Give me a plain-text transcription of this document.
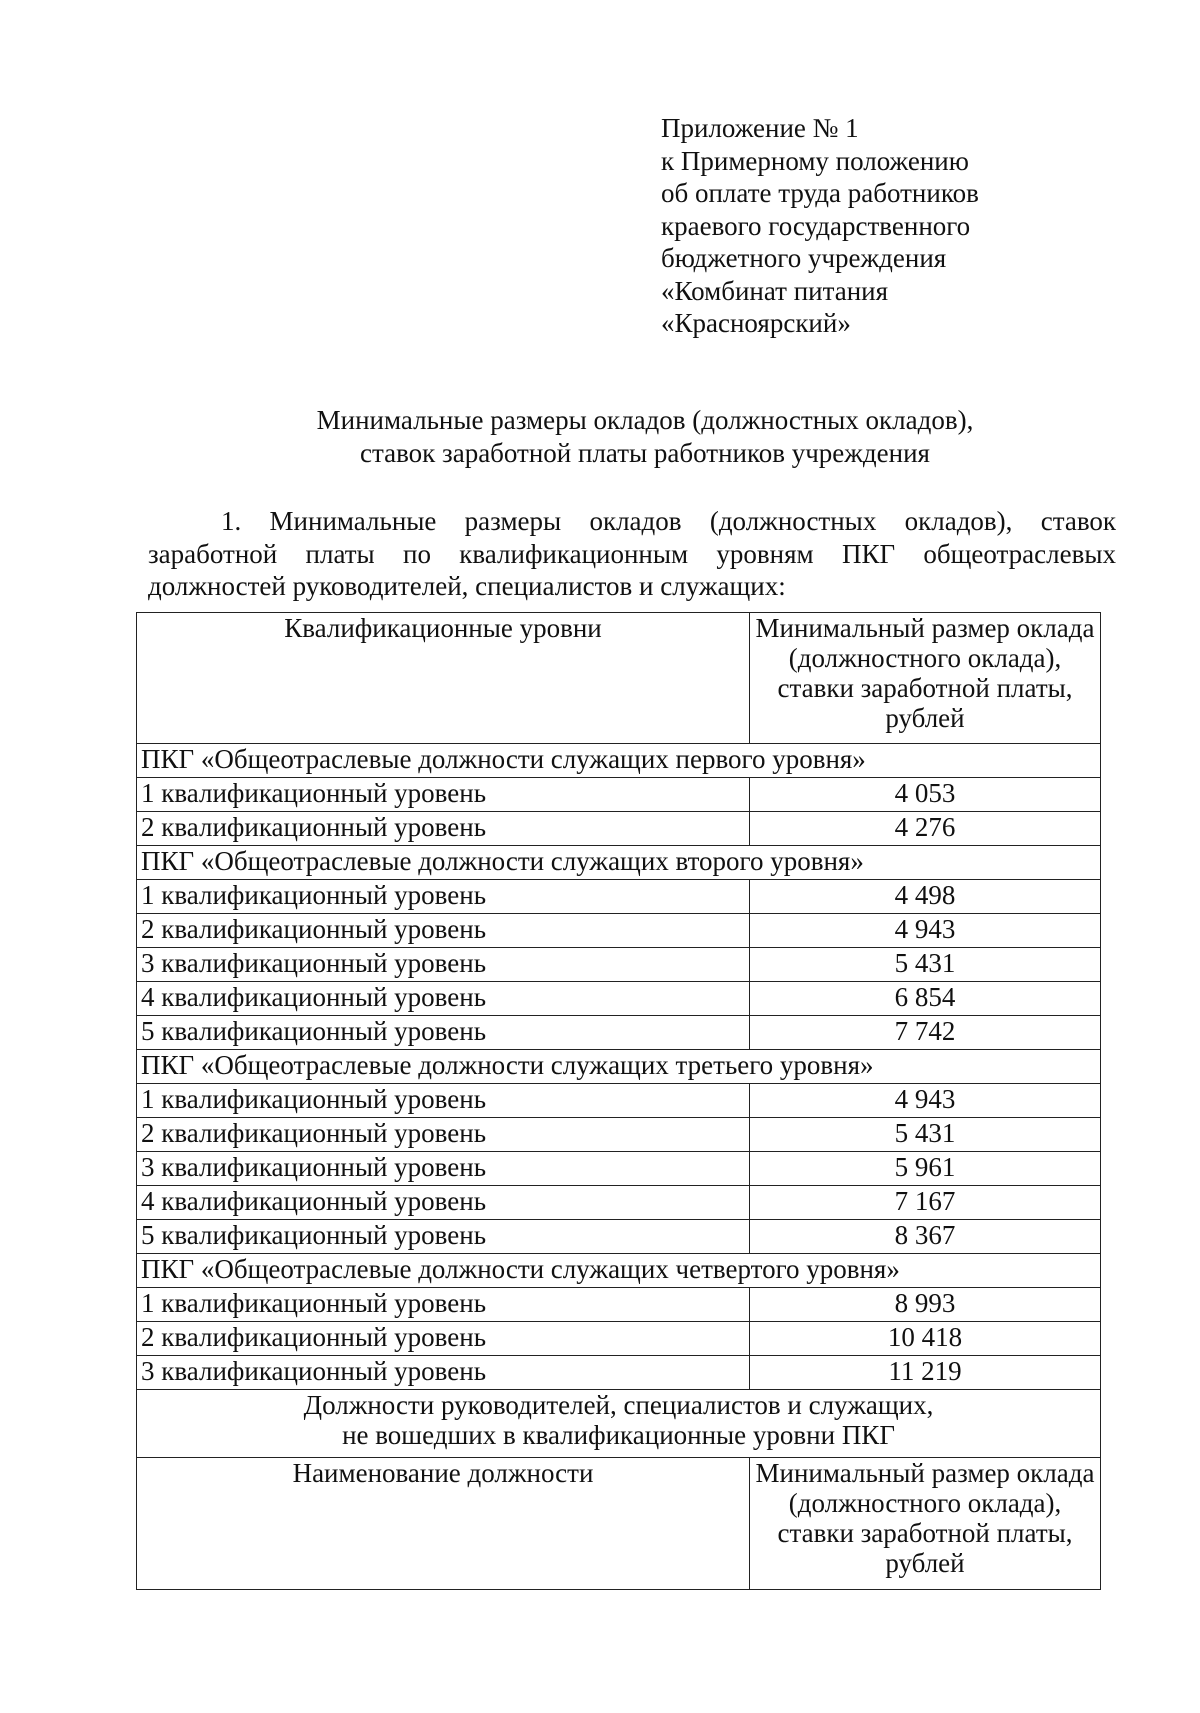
Приложение № 1
к Примерному положению
об оплате труда работников
краевого государственного
бюджетного учреждения
«Комбинат питания
«Красноярский»
Минимальные размеры окладов (должностных окладов),
ставок заработной платы работников учреждения
1. Минимальные размеры окладов (должностных окладов), ставок заработной платы по квалификационным уровням ПКГ общеотраслевых должностей руководителей, специалистов и служащих:
Квалификационные уровни	Минимальный размер оклада (должностного оклада), ставки заработной платы, рублей
ПКГ «Общеотраслевые должности служащих первого уровня»	
1 квалификационный уровень	4 053
2 квалификационный уровень	4 276
ПКГ «Общеотраслевые должности служащих второго уровня»	
1 квалификационный уровень	4 498
2 квалификационный уровень	4 943
3 квалификационный уровень	5 431
4 квалификационный уровень	6 854
5 квалификационный уровень	7 742
ПКГ «Общеотраслевые должности служащих третьего уровня»	
1 квалификационный уровень	4 943
2 квалификационный уровень	5 431
3 квалификационный уровень	5 961
4 квалификационный уровень	7 167
5 квалификационный уровень	8 367
ПКГ «Общеотраслевые должности служащих четвертого уровня»	
1 квалификационный уровень	8 993
2 квалификационный уровень	10 418
3 квалификационный уровень	11 219

Должности руководителей, специалистов и служащих,
не вошедших в квалификационные уровни ПКГ	

Наименование должности	Минимальный размер оклада (должностного оклада), ставки заработной платы, рублей
